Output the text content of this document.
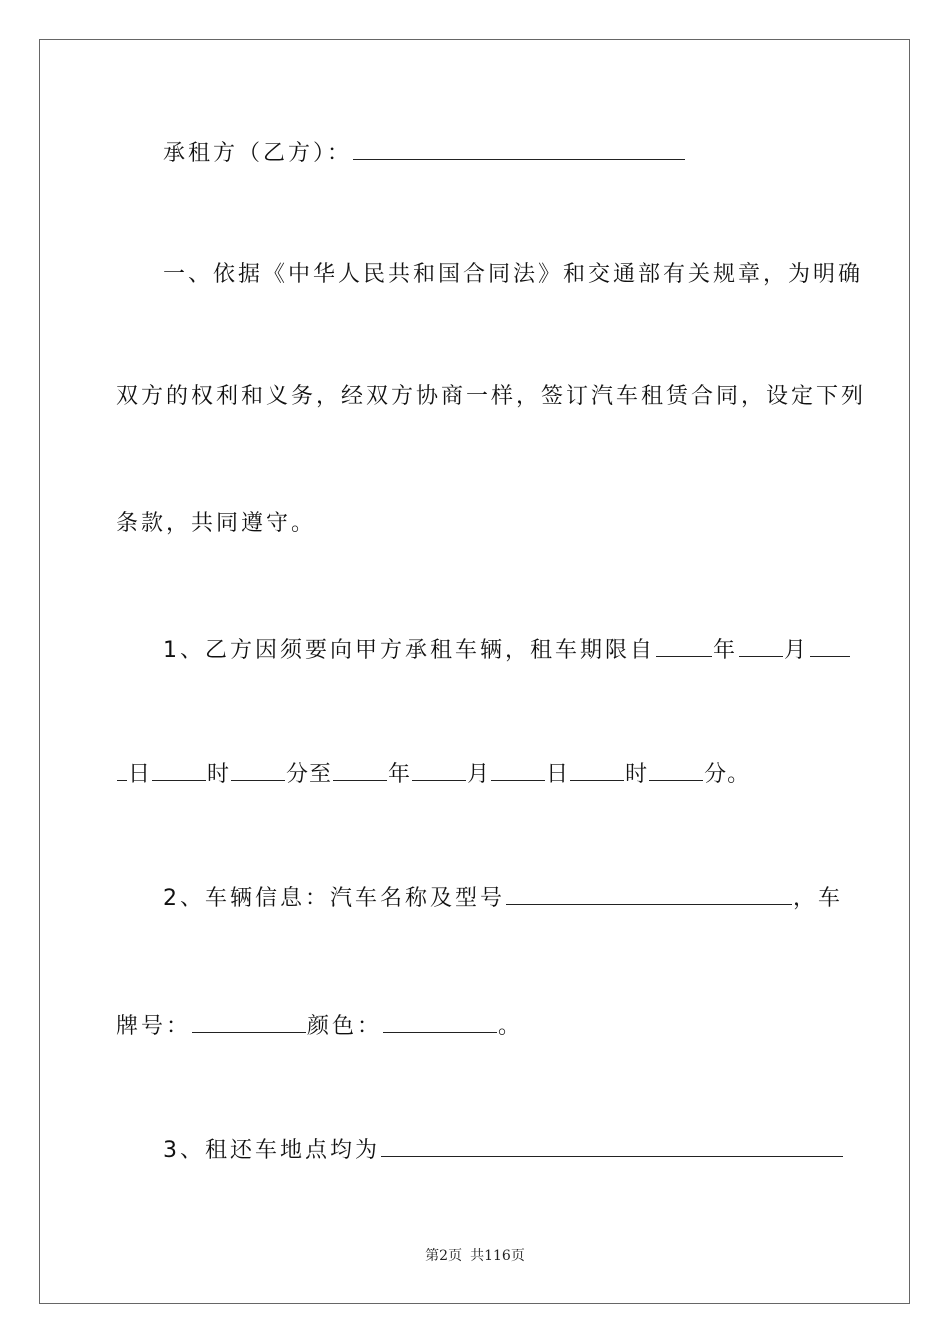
承租方（乙方）：
一、依据《中华人民共和国合同法》和交通部有关规章，为明确
双方的权利和义务，经双方协商一样，签订汽车租赁合同，设定下列
条款，共同遵守。
1、乙方因须要向甲方承租车辆，租车期限自	年 月
日	时	分至	年	月	日	时	分。
2、车辆信息：汽车名称及型号	，车
牌号：	颜色：	。
3、租还车地点均为
第2页 共116页
